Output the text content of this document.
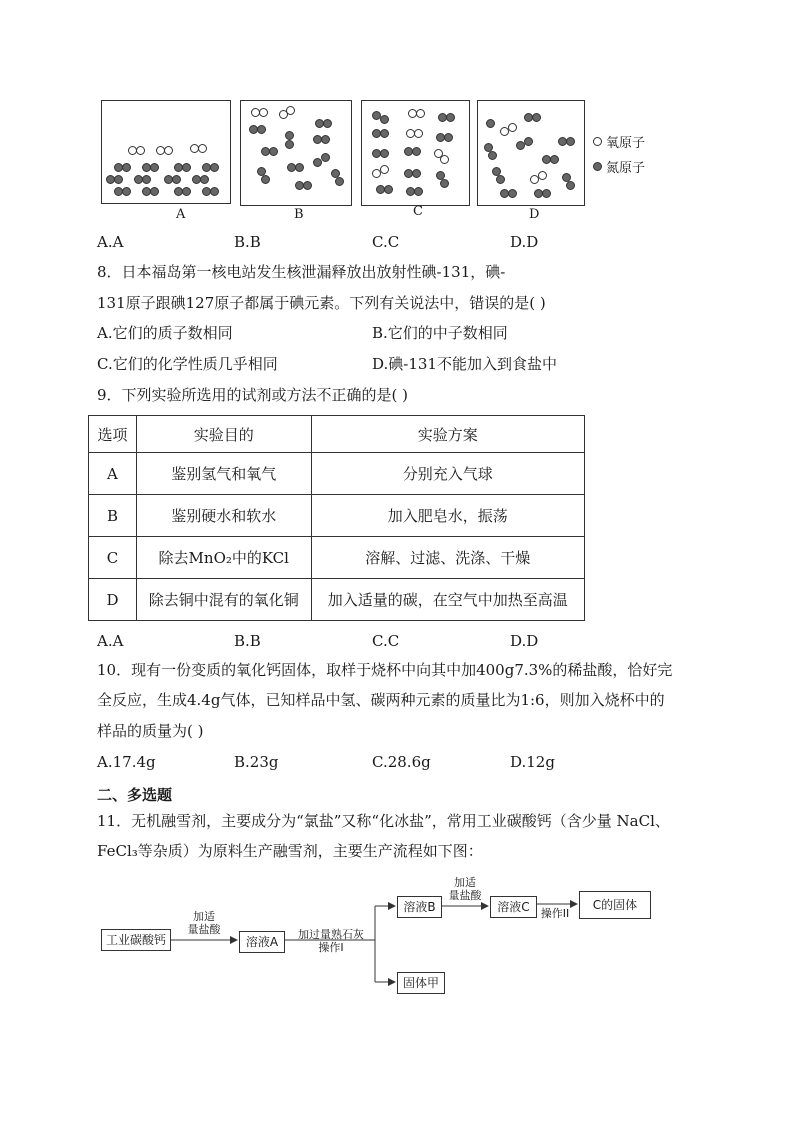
A	B	C	D
氧原子
氮原子
A.A	B.B	C.C	D.D
8．日本福岛第一核电站发生核泄漏释放出放射性碘-131，碘-
131原子跟碘127原子都属于碘元素。下列有关说法中，错误的是( )
A.它们的质子数相同	B.它们的中子数相同
C.它们的化学性质几乎相同	D.碘-131不能加入到食盐中
9．下列实验所选用的试剂或方法不正确的是( )
选项	实验目的	实验方案
A	鉴别氢气和氧气	分别充入气球
B	鉴别硬水和软水	加入肥皂水，振荡
C	除去MnO₂中的KCl	溶解、过滤、洗涤、干燥
D	除去铜中混有的氧化铜	加入适量的碳，在空气中加热至高温
A.A	B.B	C.C	D.D
10．现有一份变质的氧化钙固体，取样于烧杯中向其中加400g7.3%的稀盐酸，恰好完
全反应，生成4.4g气体，已知样品中氢、碳两种元素的质量比为1:6，则加入烧杯中的
样品的质量为( )
A.17.4g	B.23g	C.28.6g	D.12g
二、多选题
11．无机融雪剂，主要成分为“氯盐”又称“化冰盐”，常用工业碳酸钙（含少量 NaCl、
FeCl₃等杂质）为原料生产融雪剂，主要生产流程如下图：
工业碳酸钙
加适
量盐酸
溶液A
加过量熟石灰
操作I
溶液B
固体甲
加适
量盐酸
溶液C	操作II
C的固体
